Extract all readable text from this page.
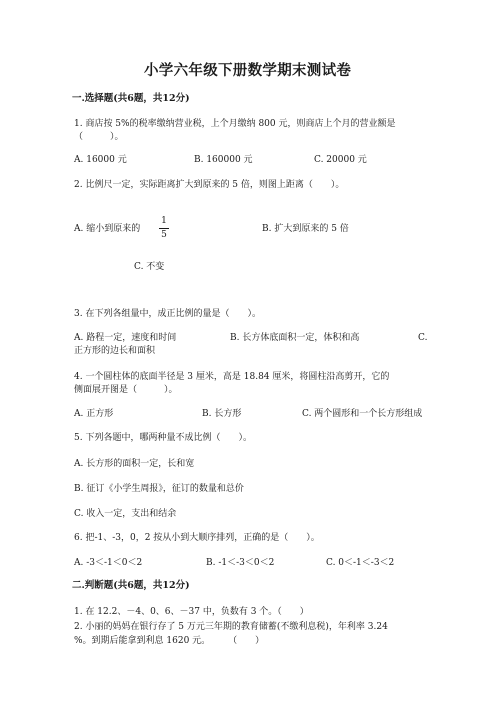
小学六年级下册数学期末测试卷
一.选择题(共6题，共12分)
1. 商店按 5%的税率缴纳营业税，上个月缴纳 800 元，则商店上个月的营业额是
（　　　）。
A. 16000 元	B. 160000 元	C. 20000 元
2. 比例尺一定，实际距离扩大到原来的 5 倍，则图上距离（　　）。
A. 缩小到原来的
1
5
B. 扩大到原来的 5 倍
C. 不变
3. 在下列各组量中，成正比例的量是（　　）。
A. 路程一定，速度和时间	B. 长方体底面积一定，体积和高	C.
正方形的边长和面积
4. 一个圆柱体的底面半径是 3 厘米，高是 18.84 厘米，将圆柱沿高剪开，它的
侧面展开图是（　　　）。
A. 正方形	B. 长方形	C. 两个圆形和一个长方形组成
5. 下列各题中，哪两种量不成比例（　　）。
A. 长方形的面积一定，长和宽
B. 征订《小学生周报》，征订的数量和总价
C. 收入一定，支出和结余
6. 把-1、-3，0，2 按从小到大顺序排列，正确的是（　　）。
A. -3＜-1＜0＜2	B. -1＜-3＜0＜2	C. 0＜-1＜-3＜2
二.判断题(共6题，共12分)
1. 在 12.2、－4、0、6、－37 中，负数有 3 个。（　　）
2. 小丽的妈妈在银行存了 5 万元三年期的教育储蓄(不缴利息税)，年利率 3.24
%。到期后能拿到利息 1620 元。　　　（　　）
